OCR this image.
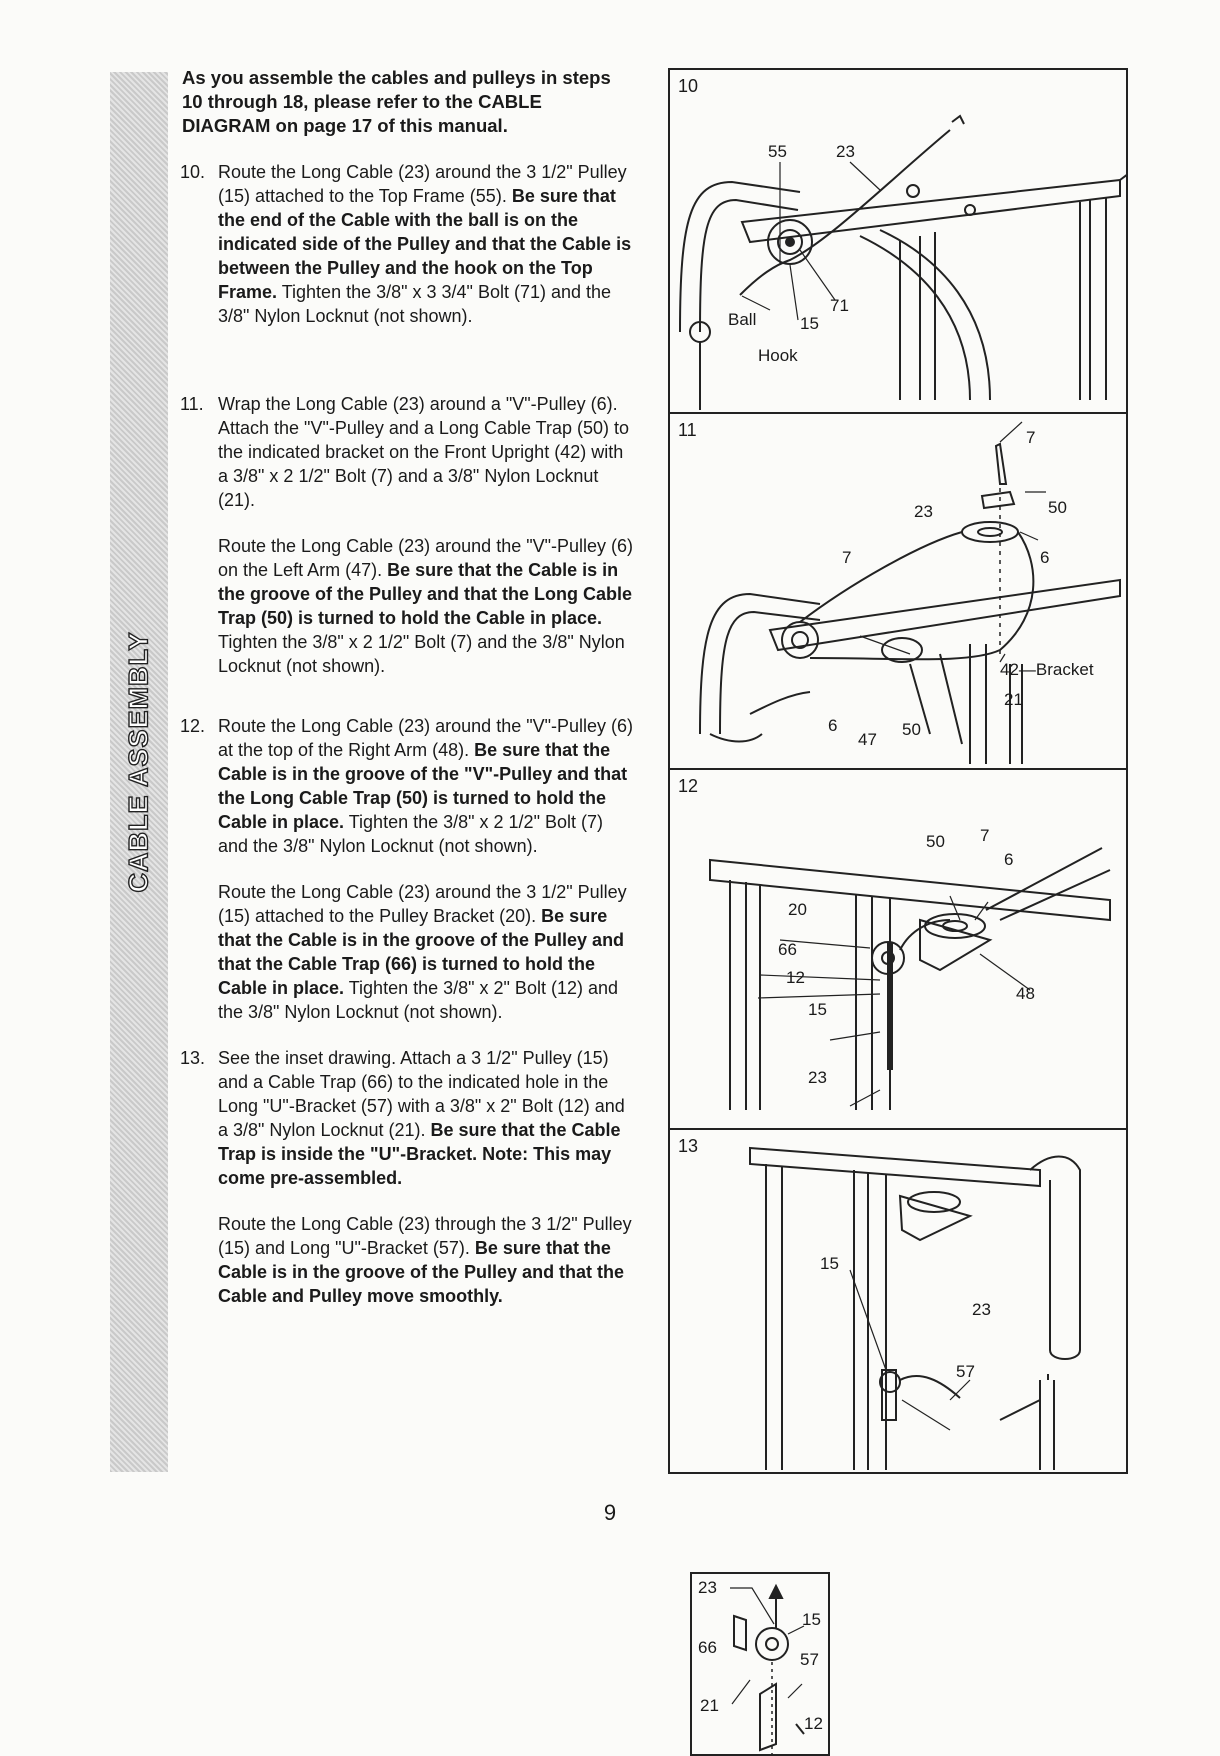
CABLE ASSEMBLY

As you assemble the cables and pulleys in steps 10 through 18, please refer to the CABLE DIAGRAM on page 17 of this manual.

10. Route the Long Cable (23) around the 3 1/2" Pulley (15) attached to the Top Frame (55). Be sure that the end of the Cable with the ball is on the indicated side of the Pulley and that the Cable is between the Pulley and the hook on the Top Frame. Tighten the 3/8" x 3 3/4" Bolt (71) and the 3/8" Nylon Locknut (not shown).

11. Wrap the Long Cable (23) around a "V"-Pulley (6). Attach the "V"-Pulley and a Long Cable Trap (50) to the indicated bracket on the Front Upright (42) with a 3/8" x 2 1/2" Bolt (7) and a 3/8" Nylon Locknut (21).

Route the Long Cable (23) around the "V"-Pulley (6) on the Left Arm (47). Be sure that the Cable is in the groove of the Pulley and that the Long Cable Trap (50) is turned to hold the Cable in place. Tighten the 3/8" x 2 1/2" Bolt (7) and the 3/8" Nylon Locknut (not shown).

12. Route the Long Cable (23) around the "V"-Pulley (6) at the top of the Right Arm (48). Be sure that the Cable is in the groove of the "V"-Pulley and that the Long Cable Trap (50) is turned to hold the Cable in place. Tighten the 3/8" x 2 1/2" Bolt (7) and the 3/8" Nylon Locknut (not shown).

Route the Long Cable (23) around the 3 1/2" Pulley (15) attached to the Pulley Bracket (20). Be sure that the Cable is in the groove of the Pulley and that the Cable Trap (66) is turned to hold the Cable in place. Tighten the 3/8" x 2" Bolt (12) and the 3/8" Nylon Locknut (not shown).

13. See the inset drawing. Attach a 3 1/2" Pulley (15) and a Cable Trap (66) to the indicated hole in the Long "U"-Bracket (57) with a 3/8" x 2" Bolt (12) and a 3/8" Nylon Locknut (21). Be sure that the Cable Trap is inside the "U"-Bracket. Note: This may come pre-assembled.

Route the Long Cable (23) through the 3 1/2" Pulley (15) and Long "U"-Bracket (57). Be sure that the Cable is in the groove of the Pulley and that the Cable and Pulley move smoothly.

10
55	23
71
Ball	15
Hook
11	7
23	50
6
7
42—Bracket
21
6
47
50
12
50 7
6
20
66
12
15
48
23
13
15
23
57
23
15
66
57
21
12
9
